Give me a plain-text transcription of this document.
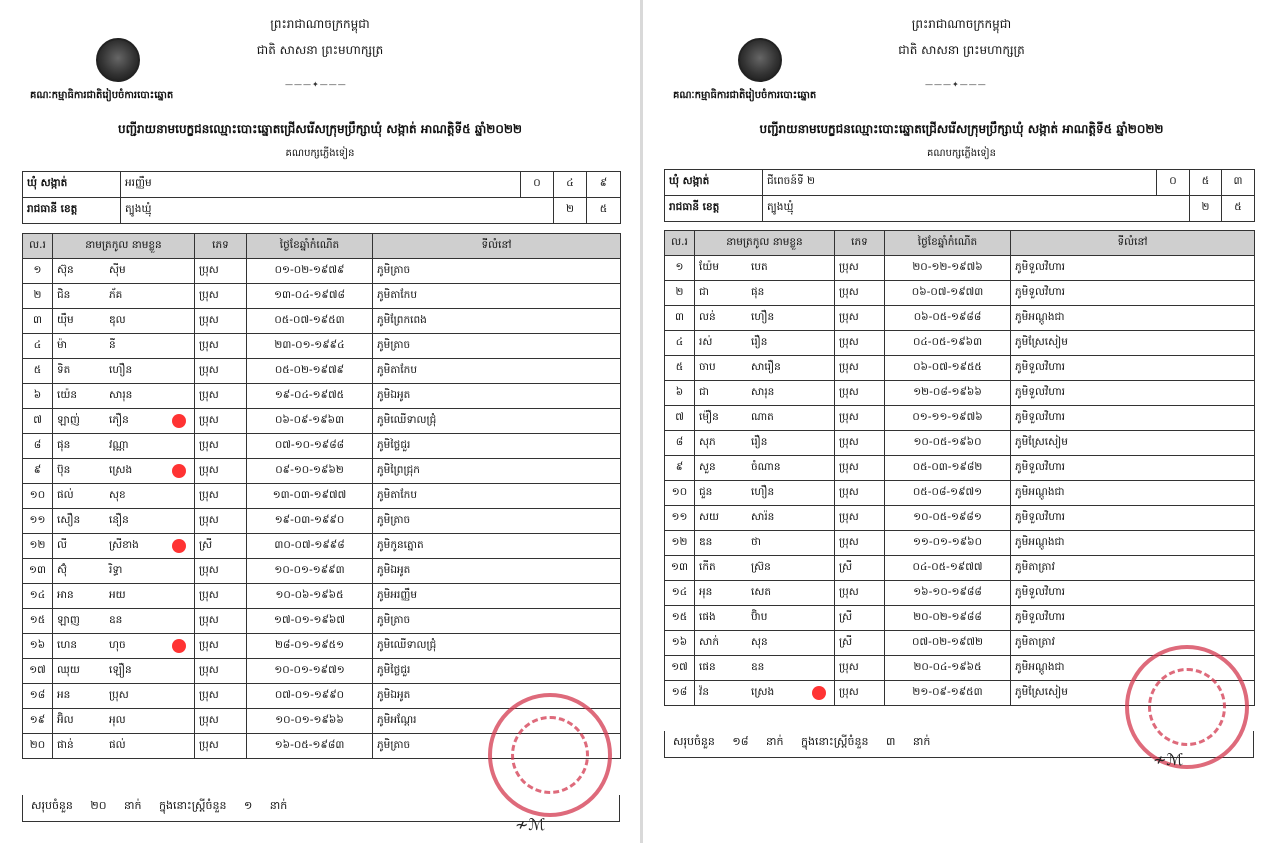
ព្រះរាជាណាចក្រកម្ពុជា
ជាតិ សាសនា ព្រះមហាក្សត្រ
———✦———
គណៈកម្មាធិការជាតិរៀបចំការបោះឆ្នោត
បញ្ជីរាយនាមបេក្ខជនឈ្មោះបោះឆ្នោតជ្រើសរើសក្រុមប្រឹក្សាឃុំ សង្កាត់ អាណត្តិទី៥ ឆ្នាំ២០២២
គណបក្សភ្លើងទៀន
ឃុំ សង្កាត់	អរញ្ញឹម	០	៤	៩
រាជធានី ខេត្ត	ត្បូងឃ្មុំ		២	៥
ល.រ	នាមត្រកូល នាមខ្លួន	ភេទ	ថ្ងៃខែឆ្នាំកំណើត	ទីលំនៅ
១	ស៊ុន ស៊ីម	ប្រុស	០១-០២-១៩៧៩	ភូមិត្រាច
២	ជិន ភ័គ	ប្រុស	១៣-០៤-១៩៧៨	ភូមិតាកែប
៣	យ៉ឹម ឌុល	ប្រុស	០៥-០៧-១៩៥៣	ភូមិព្រែកពេង
៤	ម៉ា នី	ប្រុស	២៣-០១-១៩៩៤	ភូមិត្រាច
៥	ទិត ហឿន	ប្រុស	០៥-០២-១៩៧៩	ភូមិតាកែប
៦	យ៉េន សារុន	ប្រុស	១៩-០៤-១៩៧៥	ភូមិឯអូត
៧	ឡាញ់ ភឿន	ប្រុស	០៦-០៩-១៩៦៣	ភូមិឈើទាលជ្រុំ
៨	ផុន វណ្ណា	ប្រុស	០៧-១០-១៩៨៨	ភូមិថ្លៃជួរ
៩	ប៊ុន ស្រេង	ប្រុស	០៩-១០-១៩៦២	ភូមិព្រៃជ្រុក
១០	ផល់ សុខ	ប្រុស	១៣-០៣-១៩៧៧	ភូមិតាកែប
១១	សឿន នឿន	ប្រុស	១៩-០៣-១៩៩០	ភូមិត្រាច
១២	លី ស្រីខាង	ស្រី	៣០-០៧-១៩៩៨	ភូមិកូនត្នោត
១៣	ស៊ុំ រិទ្ធា	ប្រុស	១០-០១-១៩៩៣	ភូមិឯអូត
១៤	អាន អយ	ប្រុស	១០-០៦-១៩៦៥	ភូមិអរញ្ញឹម
១៥	ឡាញ ឧន	ប្រុស	១៧-០១-១៩៦៧	ភូមិត្រាច
១៦	ហេន ហុច	ប្រុស	២៨-០១-១៩៥១	ភូមិឈើទាលជ្រុំ
១៧	ឈុយ ឡឿន	ប្រុស	១០-០១-១៩៧១	ភូមិថ្លៃជួរ
១៨	អន ប្រុស	ប្រុស	០៧-០១-១៩៩០	ភូមិឯអូត
១៩	អ៊ិល អុល	ប្រុស	១០-០១-១៩៦៦	ភូមិអណ្តែរ
២០	ផាន់ ផល់	ប្រុស	១៦-០៥-១៩៨៣	ភូមិត្រាច
សរុបចំនួន ២០ នាក់ ក្នុងនោះស្ត្រីចំនួន ១ នាក់
≁ℳ
ព្រះរាជាណាចក្រកម្ពុជា
ជាតិ សាសនា ព្រះមហាក្សត្រ
———✦———
គណៈកម្មាធិការជាតិរៀបចំការបោះឆ្នោត
បញ្ជីរាយនាមបេក្ខជនឈ្មោះបោះឆ្នោតជ្រើសរើសក្រុមប្រឹក្សាឃុំ សង្កាត់ អាណត្តិទី៥ ឆ្នាំ២០២២
គណបក្សភ្លើងទៀន
ឃុំ សង្កាត់	ជីពេចន៍ទី ២	០	៥	៣
រាជធានី ខេត្ត	ត្បូងឃ្មុំ		២	៥
ល.រ	នាមត្រកូល នាមខ្លួន	ភេទ	ថ្ងៃខែឆ្នាំកំណើត	ទីលំនៅ
១	យ៉ែម បេត	ប្រុស	២០-១២-១៩៧៦	ភូមិទួលវិហារ
២	ជា ផុន	ប្រុស	០៦-០៧-១៩៧៣	ភូមិទួលវិហារ
៣	លន់ ហឿន	ប្រុស	០៦-០៥-១៩៨៨	ភូមិអណ្តូងជា
៤	រស់ រឿន	ប្រុស	០៤-០៥-១៩៦៣	ភូមិស្រែសៀម
៥	ចាប សារឿន	ប្រុស	០៦-០៧-១៩៥៥	ភូមិទួលវិហារ
៦	ជា សារុន	ប្រុស	១២-០៨-១៩៦៦	ភូមិទួលវិហារ
៧	ម៉ឿន ណាត	ប្រុស	០១-១១-១៩៧៦	ភូមិទួលវិហារ
៨	សុភ រឿន	ប្រុស	១០-០៥-១៩៦០	ភូមិស្រែសៀម
៩	សួន ចំណាន	ប្រុស	០៥-០៣-១៩៨២	ភូមិទួលវិហារ
១០	ជួន ហឿន	ប្រុស	០៥-០៨-១៩៧១	ភូមិអណ្តូងជា
១១	សយ សារ៉ន	ប្រុស	១០-០៥-១៩៨១	ភូមិទួលវិហារ
១២	ឌន ថា	ប្រុស	១១-០១-១៩៦០	ភូមិអណ្តូងជា
១៣	កើត ស្រ៊ន	ស្រី	០៤-០៥-១៩៧៧	ភូមិតាត្រាវ
១៤	អុន សេត	ប្រុស	១៦-១០-១៩៨៨	ភូមិទួលវិហារ
១៥	ផេង ប៊ិាប	ស្រី	២០-០២-១៩៨៨	ភូមិទួលវិហារ
១៦	សាក់ សុន	ស្រី	០៧-០២-១៩៧២	ភូមិតាត្រាវ
១៧	ផេន ឧន	ប្រុស	២០-០៤-១៩៦៥	ភូមិអណ្តូងជា
១៨	វ៉ន ស្រេង	ប្រុស	២១-០៩-១៩៥៣	ភូមិស្រែសៀម
សរុបចំនួន ១៨ នាក់ ក្នុងនោះស្ត្រីចំនួន ៣ នាក់
≁ℳ
